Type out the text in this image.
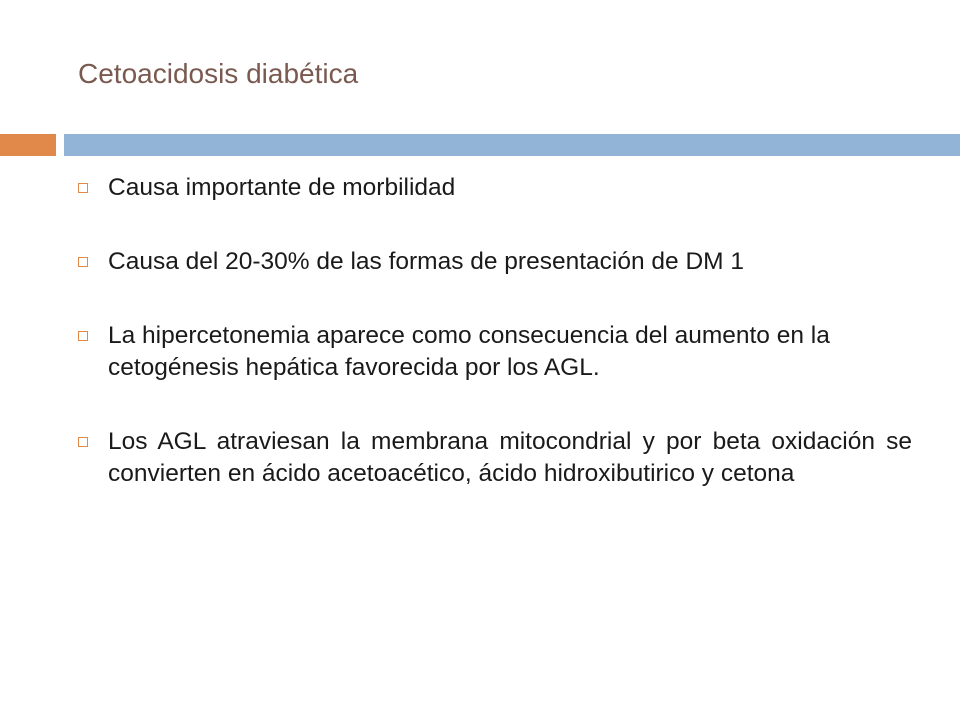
Cetoacidosis diabética
Causa importante de morbilidad
Causa del 20-30% de las formas de presentación de DM 1
La hipercetonemia aparece como consecuencia del aumento en la cetogénesis hepática favorecida por los AGL.
Los AGL atraviesan la membrana mitocondrial y por beta oxidación se convierten en ácido acetoacético, ácido hidroxibutirico y cetona
